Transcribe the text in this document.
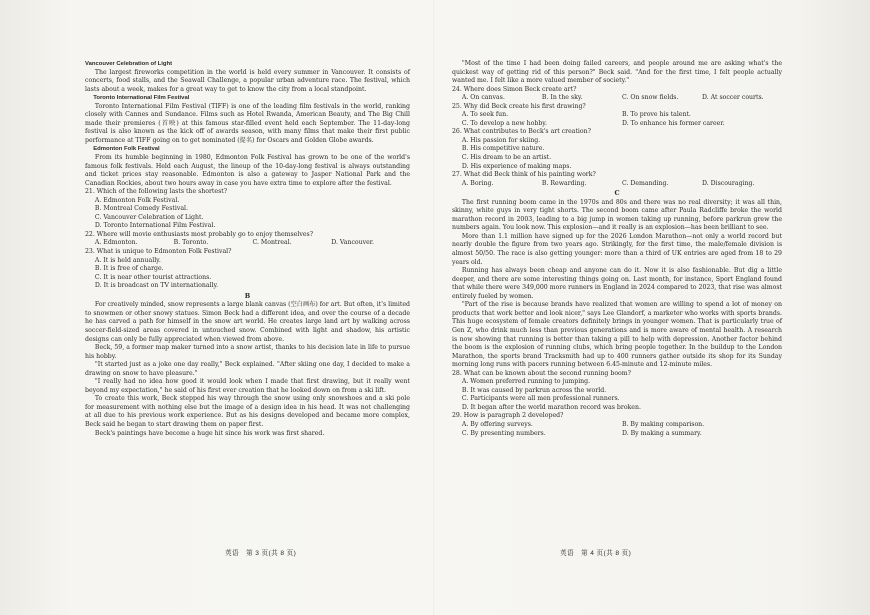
Vancouver Celebration of Light

The largest fireworks competition in the world is held every summer in Vancouver. It consists of concerts, food stalls, and the Seawall Challenge, a popular urban adventure race. The festival, which lasts about a week, makes for a great way to get to know the city from a local standpoint.

Toronto International Film Festival

Toronto International Film Festival (TIFF) is one of the leading film festivals in the world, ranking closely with Cannes and Sundance. Films such as Hotel Rwanda, American Beauty, and The Big Chill made their premieres (首映) at this famous star-filled event held each September. The 11-day-long festival is also known as the kick off of awards season, with many films that make their first public performance at TIFF going on to get nominated (提名) for Oscars and Golden Globe awards.

Edmonton Folk Festival

From its humble beginning in 1980, Edmonton Folk Festival has grown to be one of the world's famous folk festivals. Held each August, the lineup of the 10-day-long festival is always outstanding and ticket prices stay reasonable. Edmonton is also a gateway to Jasper National Park and the Canadian Rockies, about two hours away in case you have extra time to explore after the festival.

21. Which of the following lasts the shortest?

A. Edmonton Folk Festival.

B. Montreal Comedy Festival.

C. Vancouver Celebration of Light.

D. Toronto International Film Festival.

22. Where will movie enthusiasts most probably go to enjoy themselves?

A. Edmonton.	B. Toronto.	C. Montreal.	D. Vancouver.

23. What is unique to Edmonton Folk Festival?

A. It is held annually.

B. It is free of charge.

C. It is near other tourist attractions.

D. It is broadcast on TV internationally.

B

For creatively minded, snow represents a large blank canvas (空白画布) for art. But often, it's limited to snowmen or other snowy statues. Simon Beck had a different idea, and over the course of a decade he has carved a path for himself in the snow art world. He creates large land art by walking across soccer-field-sized areas covered in untouched snow. Combined with light and shadow, his artistic designs can only be fully appreciated when viewed from above.

Beck, 59, a former map maker turned into a snow artist, thanks to his decision late in life to pursue his hobby.

"It started just as a joke one day really," Beck explained. "After skiing one day, I decided to make a drawing on snow to have pleasure."

"I really had no idea how good it would look when I made that first drawing, but it really went beyond my expectation," he said of his first ever creation that he looked down on from a ski lift.

To create this work, Beck stepped his way through the snow using only snowshoes and a ski pole for measurement with nothing else but the image of a design idea in his head. It was not challenging at all due to his previous work experience. But as his designs developed and became more complex, Beck said he began to start drawing them on paper first.

Beck's paintings have become a huge hit since his work was first shared.

"Most of the time I had been doing failed careers, and people around me are asking what's the quickest way of getting rid of this person?" Beck said. "And for the first time, I felt people actually wanted me. I felt like a more valued member of society."

24. Where does Simon Beck create art?

A. On canvas.	B. In the sky.	C. On snow fields.	D. At soccer courts.

25. Why did Beck create his first drawing?

A. To seek fun.	B. To prove his talent.
C. To develop a new hobby.	D. To enhance his former career.

26. What contributes to Beck's art creation?

A. His passion for skiing.

B. His competitive nature.

C. His dream to be an artist.

D. His experience of making maps.

27. What did Beck think of his painting work?

A. Boring.	B. Rewarding.	C. Demanding.	D. Discouraging.

C

The first running boom came in the 1970s and 80s and there was no real diversity; it was all thin, skinny, white guys in very tight shorts. The second boom came after Paula Radcliffe broke the world marathon record in 2003, leading to a big jump in women taking up running, before parkrun grew the numbers again. You look now. This explosion—and it really is an explosion—has been brilliant to see.

More than 1.1 million have signed up for the 2026 London Marathon—not only a world record but nearly double the figure from two years ago. Strikingly, for the first time, the male/female division is almost 50/50. The race is also getting younger: more than a third of UK entries are aged from 18 to 29 years old.

Running has always been cheap and anyone can do it. Now it is also fashionable. But dig a little deeper, and there are some interesting things going on. Last month, for instance, Sport England found that while there were 349,000 more runners in England in 2024 compared to 2023, that rise was almost entirely fueled by women.

"Part of the rise is because brands have realized that women are willing to spend a lot of money on products that work better and look nicer," says Lee Glandorf, a marketer who works with sports brands. This huge ecosystem of female creators definitely brings in younger women. That is particularly true of Gen Z, who drink much less than previous generations and is more aware of mental health. A research is now showing that running is better than taking a pill to help with depression. Another factor behind the boom is the explosion of running clubs, which bring people together. In the buildup to the London Marathon, the sports brand Tracksmith had up to 400 runners gather outside its shop for its Sunday morning long runs with pacers running between 6.45-minute and 12-minute miles.

28. What can be known about the second running boom?

A. Women preferred running to jumping.

B. It was caused by parkrun across the world.

C. Participants were all men professional runners.

D. It began after the world marathon record was broken.

29. How is paragraph 2 developed?

A. By offering surveys.	B. By making comparison.
C. By presenting numbers.	D. By making a summary.
英语　第 3 页(共 8 页)	英语　第 4 页(共 8 页)
